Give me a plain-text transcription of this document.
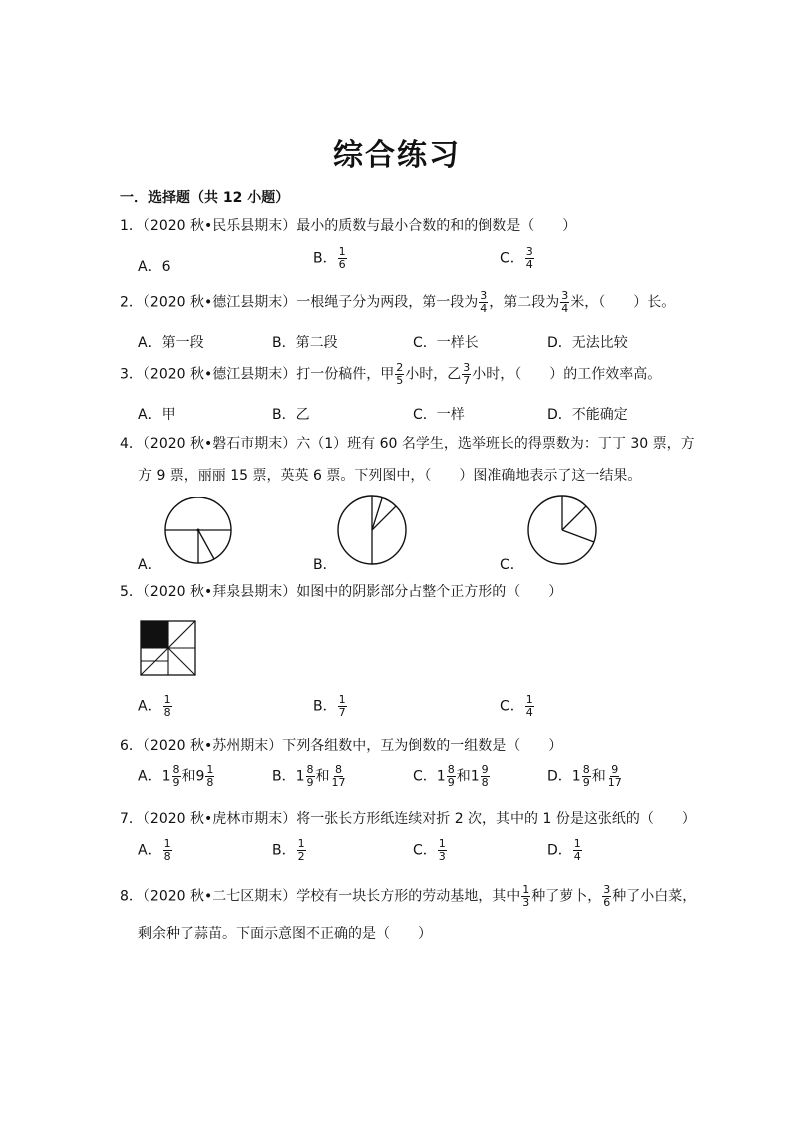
综合练习
一．选择题（共 12 小题）
1．（2020 秋•民乐县期末）最小的质数与最小合数的和的倒数是（　　）
A．6
B． $\frac{1}{6}$	C． $\frac{3}{4}$
2．（2020 秋•德江县期末）一根绳子分为两段，第一段为 $\frac{3}{4}$ ，第二段为 $\frac{3}{4}$ 米，（　　）长。
A．第一段	B．第二段	C．一样长	D．无法比较
3．（2020 秋•德江县期末）打一份稿件，甲 $\frac{2}{5}$ 小时，乙 $\frac{3}{7}$ 小时，（　　）的工作效率高。
A．甲	B．乙	C．一样	D．不能确定
4．（2020 秋•磐石市期末）六（1）班有 60 名学生，选举班长的得票数为：丁丁 30 票，方
方 9 票，丽丽 15 票，英英 6 票。下列图中，（　　）图准确地表示了这一结果。
A．	B．	C．
5．（2020 秋•拜泉县期末）如图中的阴影部分占整个正方形的（　　）
A． $\frac{1}{8}$	B． $\frac{1}{7}$	C． $\frac{1}{4}$
6．（2020 秋•苏州期末）下列各组数中，互为倒数的一组数是（　　）
A．$1 \frac{8}{9}$ 和$9 \frac{1}{8}$	B．$1 \frac{8}{9}$ 和 $\frac{8}{17}$	C．$1 \frac{8}{9}$ 和$1 \frac{9}{8}$	D．$1 \frac{8}{9}$ 和 $\frac{9}{17}$
7．（2020 秋•虎林市期末）将一张长方形纸连续对折 2 次，其中的 1 份是这张纸的（　　）
A． $\frac{1}{8}$	B． $\frac{1}{2}$	C． $\frac{1}{3}$	D． $\frac{1}{4}$
8．（2020 秋•二七区期末）学校有一块长方形的劳动基地，其中 $\frac{1}{3}$ 种了萝卜， $\frac{3}{6}$ 种了小白菜，
剩余种了蒜苗。下面示意图不正确的是（　　）
